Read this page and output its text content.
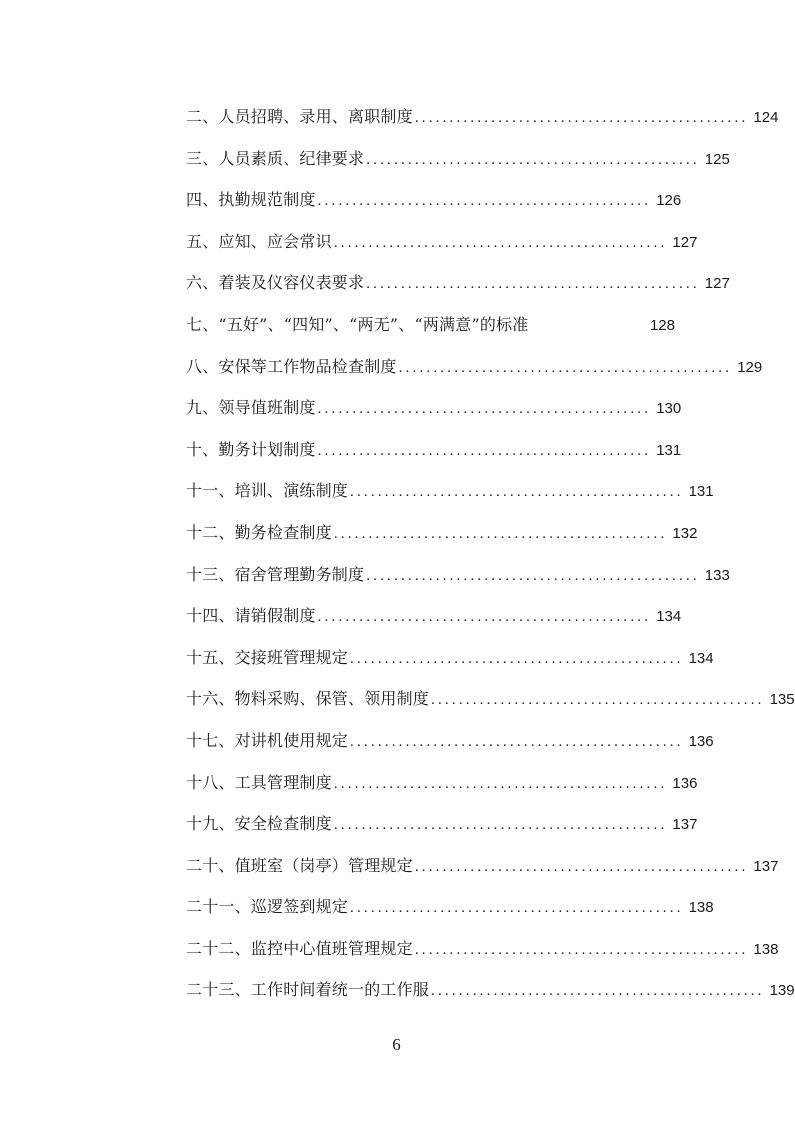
二、人员招聘、录用、离职制度 ................................................ 124
三、人员素质、纪律要求 ................................................ 125
四、执勤规范制度 ................................................ 126
五、应知、应会常识 ................................................ 127
六、着装及仪容仪表要求 ................................................ 127
七、“五好”、“四知”、“两无”、“两满意”的标准	128
八、安保等工作物品检查制度 ................................................ 129
九、领导值班制度 ................................................ 130
十、勤务计划制度 ................................................ 131
十一、培训、演练制度 ................................................ 131
十二、勤务检查制度 ................................................ 132
十三、宿舍管理勤务制度 ................................................ 133
十四、请销假制度 ................................................ 134
十五、交接班管理规定 ................................................ 134
十六、物料采购、保管、领用制度 ................................................ 135
十七、对讲机使用规定 ................................................ 136
十八、工具管理制度 ................................................ 136
十九、安全检查制度 ................................................ 137
二十、值班室（岗亭）管理规定 ................................................ 137
二十一、巡逻签到规定 ................................................ 138
二十二、监控中心值班管理规定 ................................................ 138
二十三、工作时间着统一的工作服 ................................................ 139
6
